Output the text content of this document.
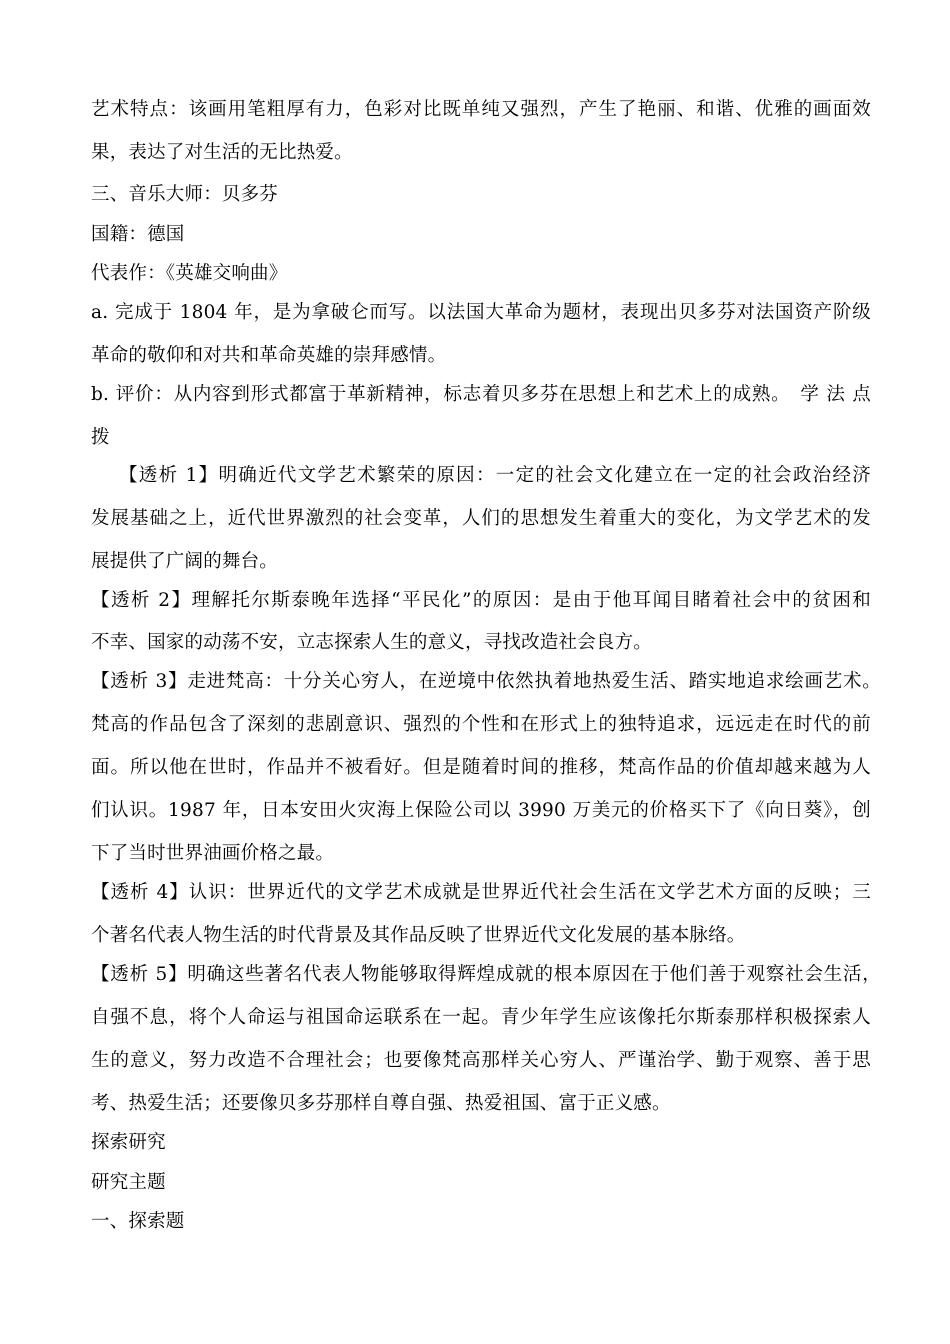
艺术特点：该画用笔粗厚有力，色彩对比既单纯又强烈，产生了艳丽、和谐、优雅的画面效
果，表达了对生活的无比热爱。
三、音乐大师：贝多芬
国籍：德国
代表作：《英雄交响曲》
a. 完成于 1804 年，是为拿破仑而写。以法国大革命为题材，表现出贝多芬对法国资产阶级
革命的敬仰和对共和革命英雄的崇拜感情。
b. 评价：从内容到形式都富于革新精神，标志着贝多芬在思想上和艺术上的成熟。　学 法 点
拨
【透析 1】明确近代文学艺术繁荣的原因：一定的社会文化建立在一定的社会政治经济
发展基础之上，近代世界激烈的社会变革，人们的思想发生着重大的变化，为文学艺术的发
展提供了广阔的舞台。
【透析 2】理解托尔斯泰晚年选择“平民化”的原因：是由于他耳闻目睹着社会中的贫困和
不幸、国家的动荡不安，立志探索人生的意义，寻找改造社会良方。
【透析 3】走进梵高：十分关心穷人，在逆境中依然执着地热爱生活、踏实地追求绘画艺术。
梵高的作品包含了深刻的悲剧意识、强烈的个性和在形式上的独特追求，远远走在时代的前
面。所以他在世时，作品并不被看好。但是随着时间的推移，梵高作品的价值却越来越为人
们认识。1987 年，日本安田火灾海上保险公司以 3990 万美元的价格买下了《向日葵》，创
下了当时世界油画价格之最。
【透析 4】认识：世界近代的文学艺术成就是世界近代社会生活在文学艺术方面的反映；三
个著名代表人物生活的时代背景及其作品反映了世界近代文化发展的基本脉络。
【透析 5】明确这些著名代表人物能够取得辉煌成就的根本原因在于他们善于观察社会生活，
自强不息，将个人命运与祖国命运联系在一起。青少年学生应该像托尔斯泰那样积极探索人
生的意义，努力改造不合理社会；也要像梵高那样关心穷人、严谨治学、勤于观察、善于思
考、热爱生活；还要像贝多芬那样自尊自强、热爱祖国、富于正义感。
探索研究
研究主题
一、探索题
